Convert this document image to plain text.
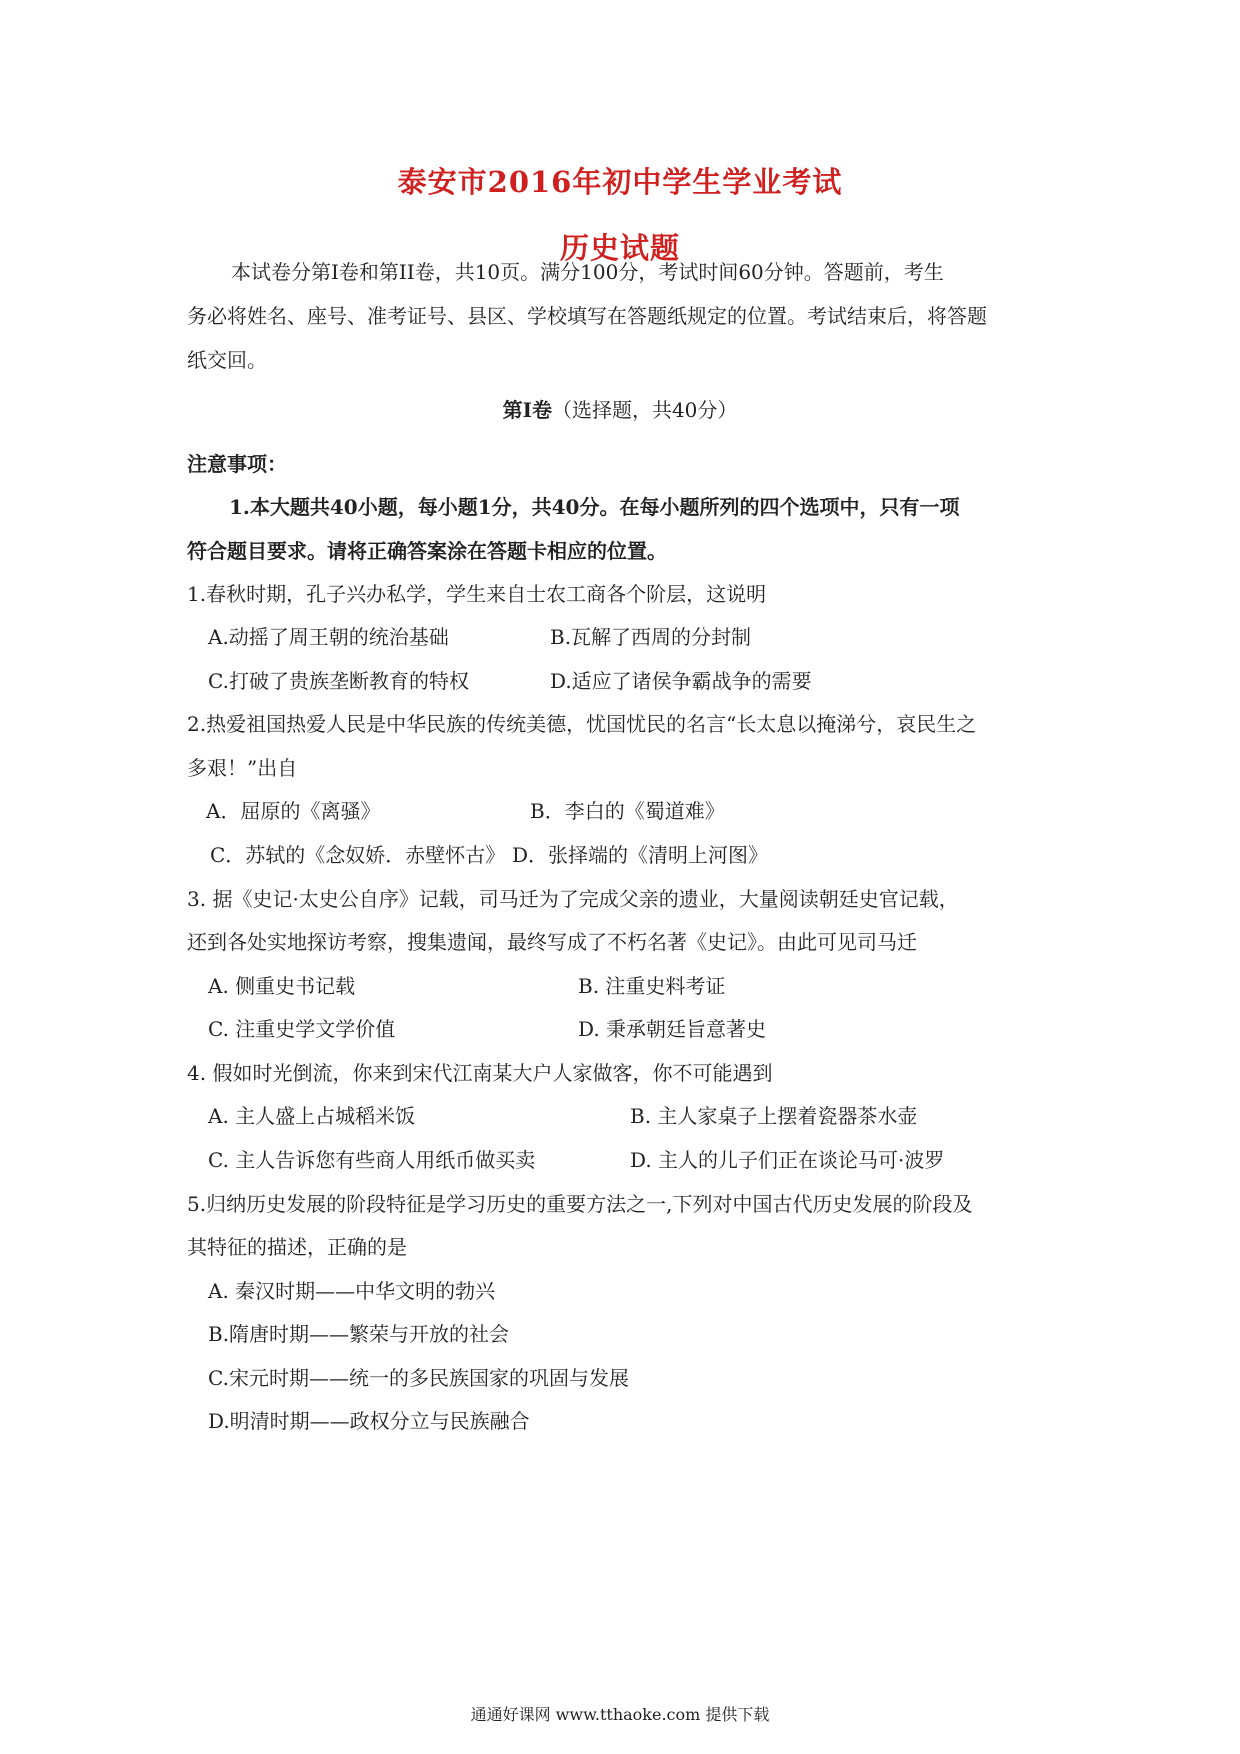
泰安市2016年初中学生学业考试
历史试题

本试卷分第Ⅰ卷和第II卷，共10页。满分100分，考试时间60分钟。答题前，考生

务必将姓名、座号、准考证号、县区、学校填写在答题纸规定的位置。考试结束后，将答题

纸交回。

第Ⅰ卷（选择题，共40分）

注意事项：

1.本大题共40小题，每小题1分，共40分。在每小题所列的四个选项中，只有一项

符合题目要求。请将正确答案涂在答题卡相应的位置。

1.春秋时期，孔子兴办私学，学生来自士农工商各个阶层，这说明

A.动摇了周王朝的统治基础	B.瓦解了西周的分封制

C.打破了贵族垄断教育的特权	D.适应了诸侯争霸战争的需要

2.热爱祖国热爱人民是中华民族的传统美德，忧国忧民的名言“长太息以掩涕兮，哀民生之

多艰！”出自

A．屈原的《离骚》	B．李白的《蜀道难》

C．苏轼的《念奴娇．赤壁怀古》 D．张择端的《清明上河图》

3. 据《史记·太史公自序》记载，司马迁为了完成父亲的遗业，大量阅读朝廷史官记载，

还到各处实地探访考察，搜集遗闻，最终写成了不朽名著《史记》。由此可见司马迁

A. 侧重史书记载	B. 注重史料考证

C. 注重史学文学价值	D. 秉承朝廷旨意著史

4. 假如时光倒流，你来到宋代江南某大户人家做客，你不可能遇到

A. 主人盛上占城稻米饭	B. 主人家桌子上摆着瓷器茶水壶

C. 主人告诉您有些商人用纸币做买卖	D. 主人的儿子们正在谈论马可·波罗

5.归纳历史发展的阶段特征是学习历史的重要方法之一,下列对中国古代历史发展的阶段及

其特征的描述，正确的是

A. 秦汉时期——中华文明的勃兴

B.隋唐时期——繁荣与开放的社会

C.宋元时期——统一的多民族国家的巩固与发展

D.明清时期——政权分立与民族融合

通通好课网 www.tthaoke.com 提供下载
